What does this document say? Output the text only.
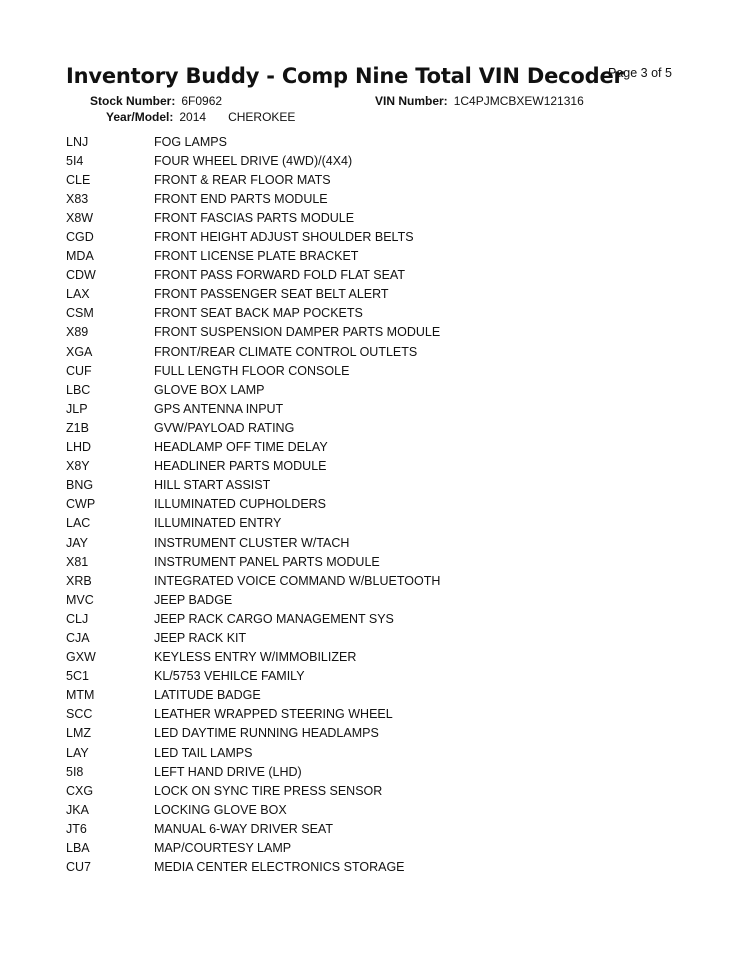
Inventory Buddy - Comp Nine Total VIN Decoder
Page 3 of 5
Stock Number: 6F0962	VIN Number: 1C4PJMCBXEW121316
Year/Model: 2014 CHEROKEE
LNJ	FOG LAMPS
5I4	FOUR WHEEL DRIVE (4WD)/(4X4)
CLE	FRONT & REAR FLOOR MATS
X83	FRONT END PARTS MODULE
X8W	FRONT FASCIAS PARTS MODULE
CGD	FRONT HEIGHT ADJUST SHOULDER BELTS
MDA	FRONT LICENSE PLATE BRACKET
CDW	FRONT PASS FORWARD FOLD FLAT SEAT
LAX	FRONT PASSENGER SEAT BELT ALERT
CSM	FRONT SEAT BACK MAP POCKETS
X89	FRONT SUSPENSION DAMPER PARTS MODULE
XGA	FRONT/REAR CLIMATE CONTROL OUTLETS
CUF	FULL LENGTH FLOOR CONSOLE
LBC	GLOVE BOX LAMP
JLP	GPS ANTENNA INPUT
Z1B	GVW/PAYLOAD RATING
LHD	HEADLAMP OFF TIME DELAY
X8Y	HEADLINER PARTS MODULE
BNG	HILL START ASSIST
CWP	ILLUMINATED CUPHOLDERS
LAC	ILLUMINATED ENTRY
JAY	INSTRUMENT CLUSTER W/TACH
X81	INSTRUMENT PANEL PARTS MODULE
XRB	INTEGRATED VOICE COMMAND W/BLUETOOTH
MVC	JEEP BADGE
CLJ	JEEP RACK CARGO MANAGEMENT SYS
CJA	JEEP RACK KIT
GXW	KEYLESS ENTRY W/IMMOBILIZER
5C1	KL/5753 VEHILCE FAMILY
MTM	LATITUDE BADGE
SCC	LEATHER WRAPPED STEERING WHEEL
LMZ	LED DAYTIME RUNNING HEADLAMPS
LAY	LED TAIL LAMPS
5I8	LEFT HAND DRIVE (LHD)
CXG	LOCK ON SYNC TIRE PRESS SENSOR
JKA	LOCKING GLOVE BOX
JT6	MANUAL 6-WAY DRIVER SEAT
LBA	MAP/COURTESY LAMP
CU7	MEDIA CENTER ELECTRONICS STORAGE
